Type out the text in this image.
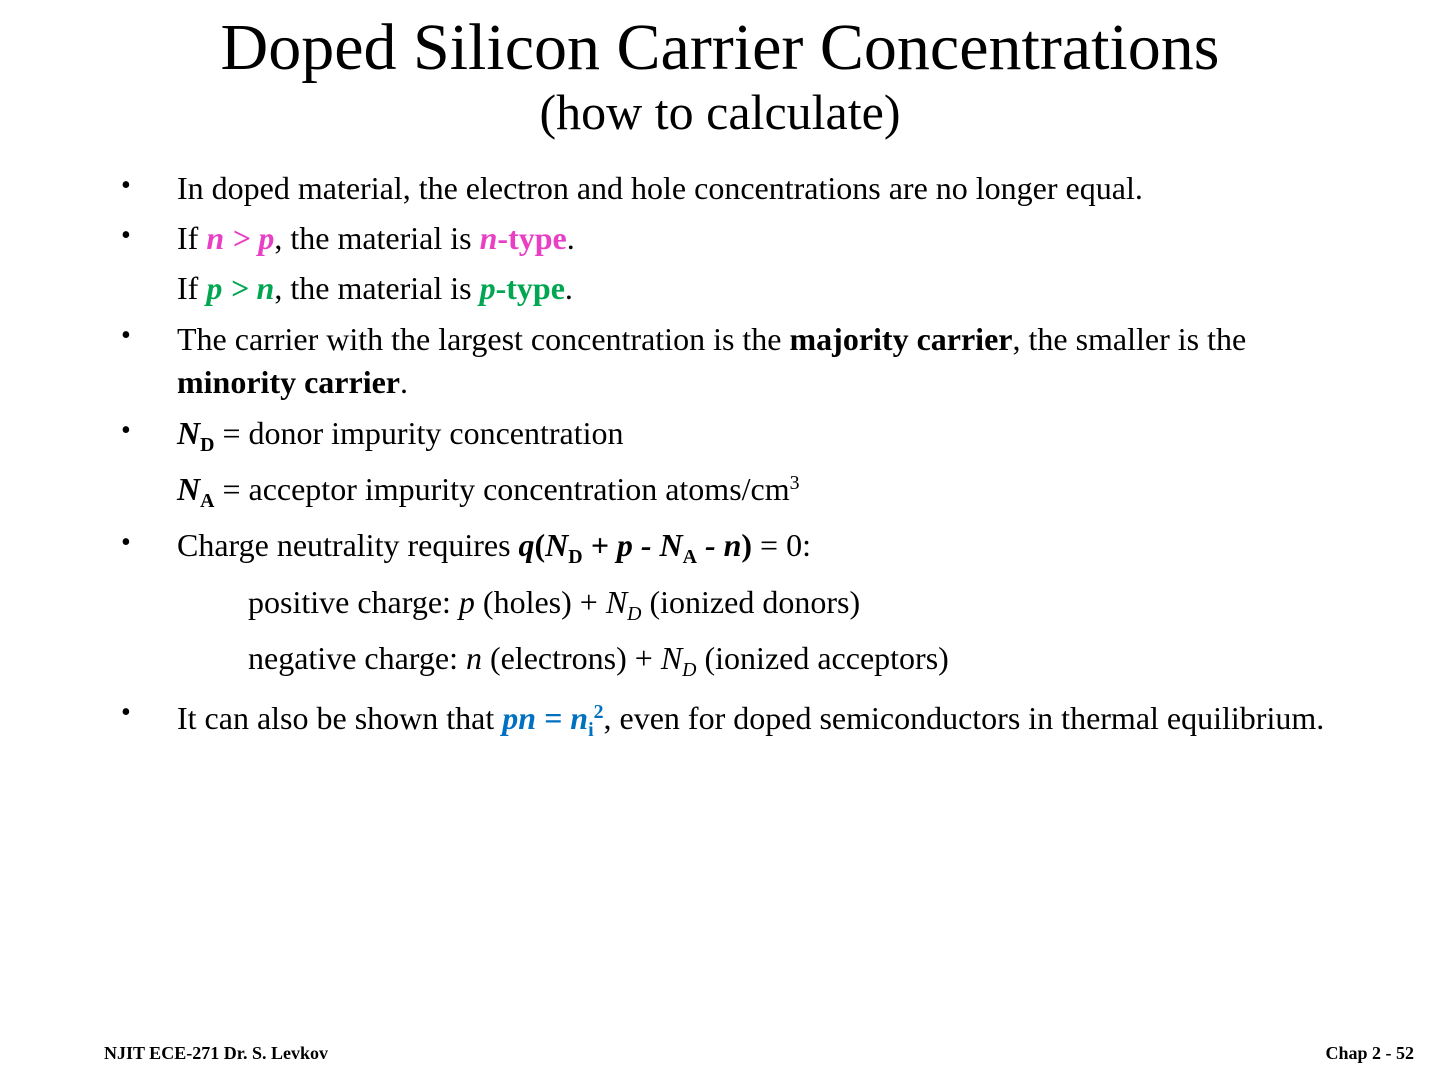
Doped Silicon Carrier Concentrations
(how to calculate)
• In doped material, the electron and hole concentrations are no longer equal.
• If n > p, the material is n-type.
If p > n, the material is p-type.
• The carrier with the largest concentration is the majority carrier, the smaller is the minority carrier.
• $N_D$ = donor impurity concentration
$N_A$ = acceptor impurity concentration atoms/$cm^3$
• Charge neutrality requires $q(N_D + p - N_A - n) = 0$:
positive charge: p (holes) + $N_D$ (ionized donors)
negative charge: n (electrons) + $N_D$ (ionized acceptors)
• It can also be shown that pn = $n_i^2$, even for doped semiconductors in thermal equilibrium.
NJIT ECE-271 Dr. S. Levkov	Chap 2 - 52
